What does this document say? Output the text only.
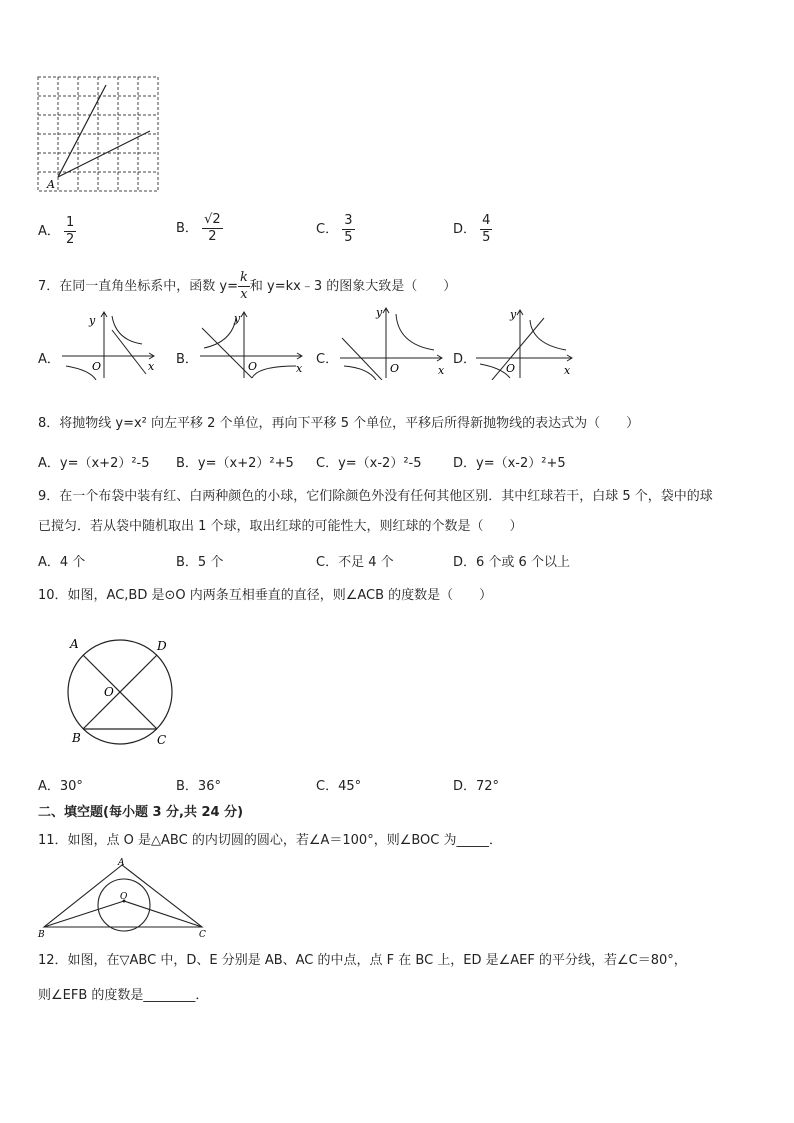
A
A． $\frac{1}{2}$	B． $\frac{√2}{2}$	C． $\frac{3}{5}$	D． $\frac{4}{5}$
7．在同一直角坐标系中，函数 $y= \frac{k}{x}$ 和 y=kx﹣3 的图象大致是（　　）
A．
y
x
O	B．
y
x
O	C．
y
x
O
D．
y
x
O
8．将抛物线 y=x² 向左平移 2 个单位，再向下平移 5 个单位，平移后所得新抛物线的表达式为（　　）
A．y=（x+2）²-5 B．y=（x+2）²+5 C．y=（x-2）²-5 D．y=（x-2）²+5
9．在一个布袋中装有红、白两种颜色的小球，它们除颜色外没有任何其他区别．其中红球若干，白球 5 个，袋中的球
已搅匀．若从袋中随机取出 1 个球，取出红球的可能性大，则红球的个数是（　　）
A．4 个	B．5 个	C．不足 4 个	D．6 个或 6 个以上
10．如图，AC,BD 是⊙O 内两条互相垂直的直径，则∠ACB 的度数是（　　）
A	D
O
B	C
A．30°	B．36°	C．45°	D．72°
二、填空题(每小题 3 分,共 24 分)
11．如图，点 O 是△ABC 的内切圆的圆心，若∠A＝100°，则∠BOC 为_____．
A
O
B	C
12．如图，在▽ABC 中，D、E 分别是 AB、AC 的中点，点 F 在 BC 上，ED 是∠AEF 的平分线，若∠C＝80°，
则∠EFB 的度数是________．
